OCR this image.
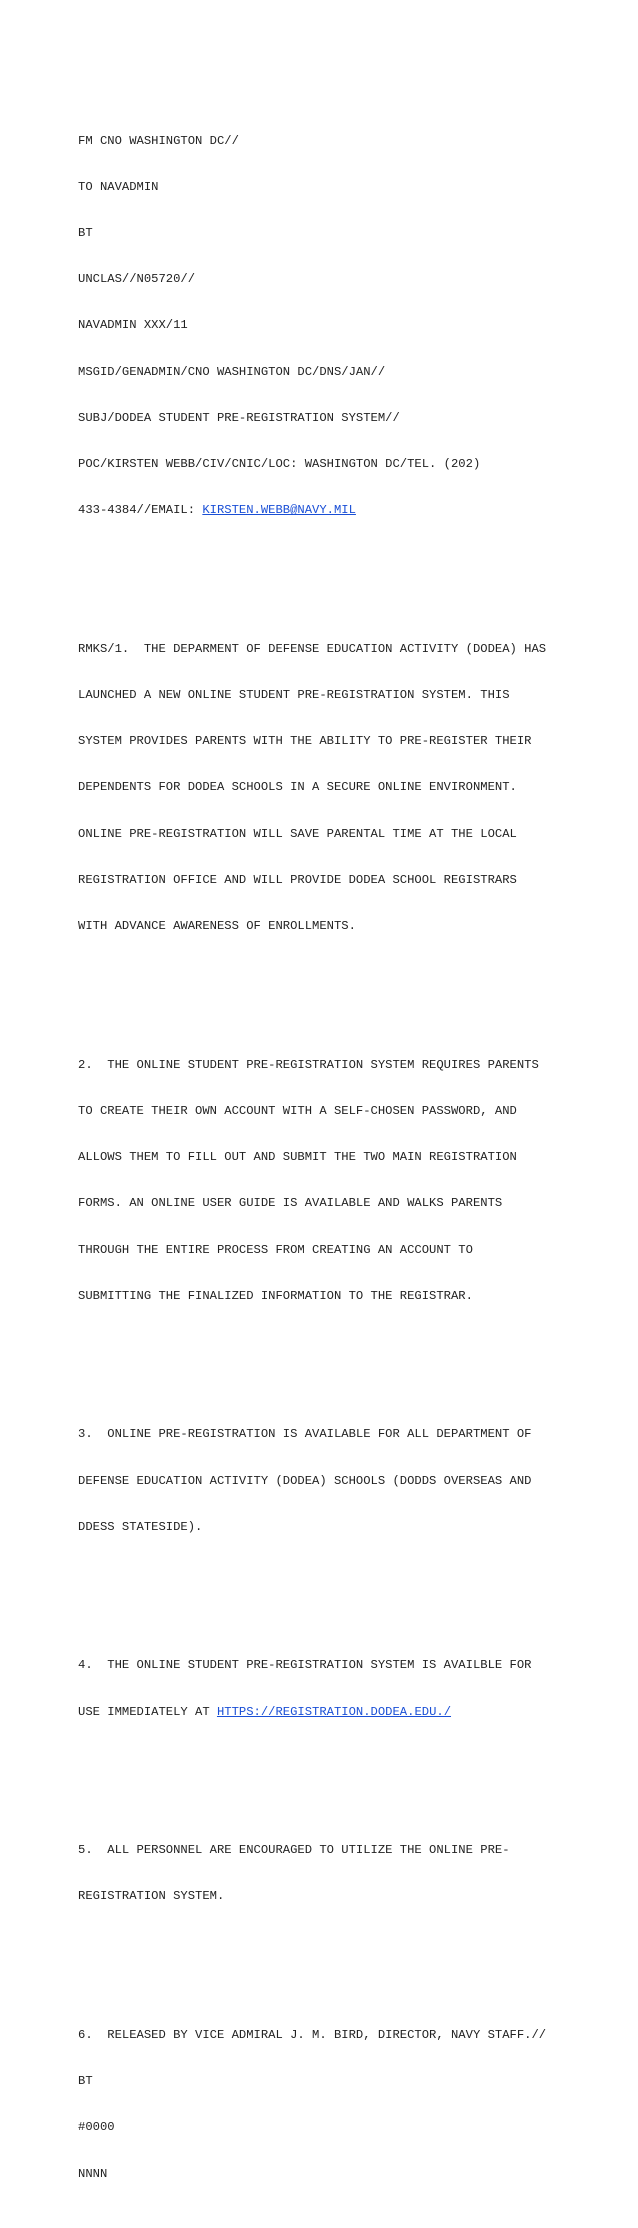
FM CNO WASHINGTON DC//

TO NAVADMIN

BT

UNCLAS//N05720//

NAVADMIN XXX/11

MSGID/GENADMIN/CNO WASHINGTON DC/DNS/JAN//

SUBJ/DODEA STUDENT PRE-REGISTRATION SYSTEM//

POC/KIRSTEN WEBB/CIV/CNIC/LOC: WASHINGTON DC/TEL. (202)

433-4384//EMAIL: KIRSTEN.WEBB@NAVY.MIL

RMKS/1.  THE DEPARMENT OF DEFENSE EDUCATION ACTIVITY (DODEA) HAS

LAUNCHED A NEW ONLINE STUDENT PRE-REGISTRATION SYSTEM. THIS

SYSTEM PROVIDES PARENTS WITH THE ABILITY TO PRE-REGISTER THEIR

DEPENDENTS FOR DODEA SCHOOLS IN A SECURE ONLINE ENVIRONMENT.

ONLINE PRE-REGISTRATION WILL SAVE PARENTAL TIME AT THE LOCAL

REGISTRATION OFFICE AND WILL PROVIDE DODEA SCHOOL REGISTRARS

WITH ADVANCE AWARENESS OF ENROLLMENTS.

2.  THE ONLINE STUDENT PRE-REGISTRATION SYSTEM REQUIRES PARENTS

TO CREATE THEIR OWN ACCOUNT WITH A SELF-CHOSEN PASSWORD, AND

ALLOWS THEM TO FILL OUT AND SUBMIT THE TWO MAIN REGISTRATION

FORMS. AN ONLINE USER GUIDE IS AVAILABLE AND WALKS PARENTS

THROUGH THE ENTIRE PROCESS FROM CREATING AN ACCOUNT TO

SUBMITTING THE FINALIZED INFORMATION TO THE REGISTRAR.

3.  ONLINE PRE-REGISTRATION IS AVAILABLE FOR ALL DEPARTMENT OF

DEFENSE EDUCATION ACTIVITY (DODEA) SCHOOLS (DODDS OVERSEAS AND

DDESS STATESIDE).

4.  THE ONLINE STUDENT PRE-REGISTRATION SYSTEM IS AVAILBLE FOR

USE IMMEDIATELY AT HTTPS://REGISTRATION.DODEA.EDU./

5.  ALL PERSONNEL ARE ENCOURAGED TO UTILIZE THE ONLINE PRE-

REGISTRATION SYSTEM.

6.  RELEASED BY VICE ADMIRAL J. M. BIRD, DIRECTOR, NAVY STAFF.//

BT

#0000

NNNN
